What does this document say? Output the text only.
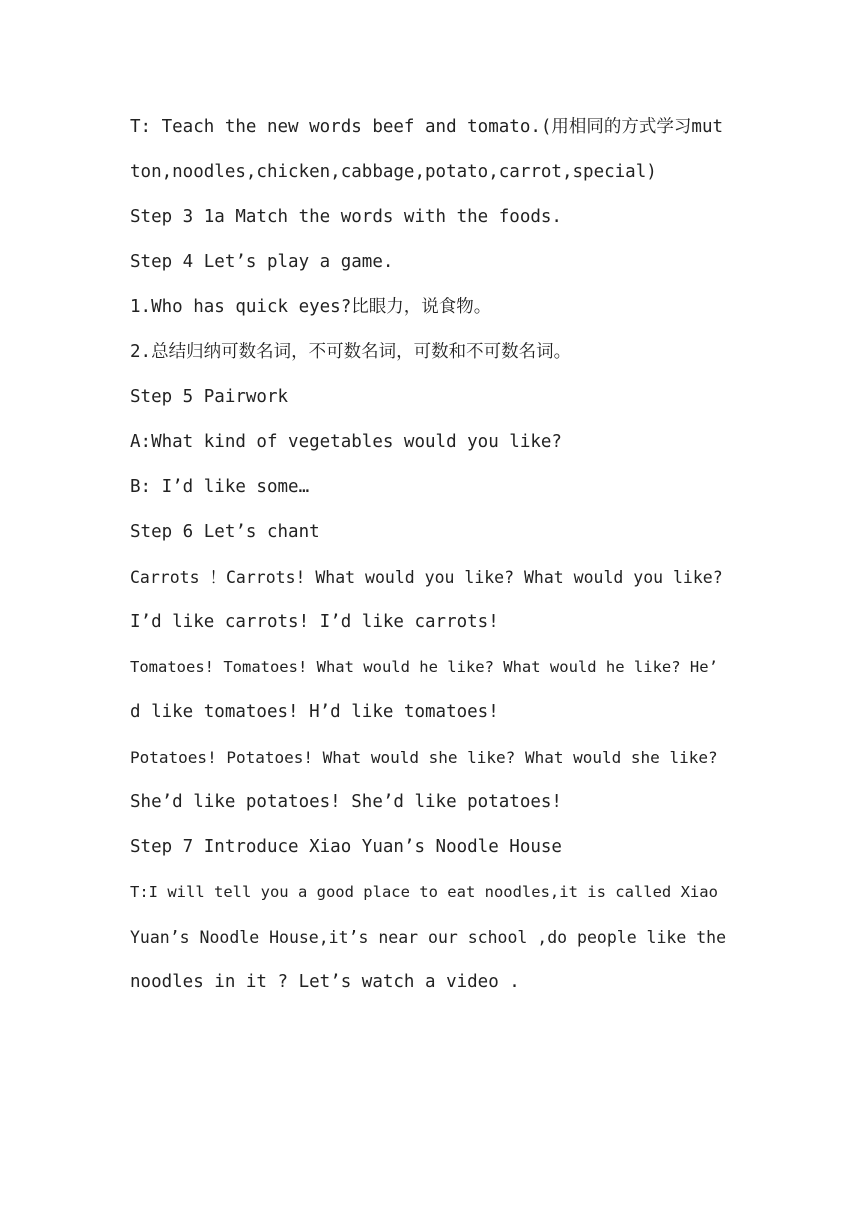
T: Teach the new words beef and tomato.(用相同的方式学习mut
ton,noodles,chicken,cabbage,potato,carrot,special)
Step 3 1a Match the words with the foods.
Step 4 Let’s play a game.
1.Who has quick eyes?比眼力，说食物。
2.总结归纳可数名词，不可数名词，可数和不可数名词。
Step 5 Pairwork
A:What kind of vegetables would you like?
B: I’d like some…
Step 6 Let’s chant
Carrots ！Carrots! What would you like? What would you like?
I’d like carrots! I’d like carrots!
Tomatoes! Tomatoes! What would he like? What would he like? He’
d like tomatoes! H’d like tomatoes!
Potatoes! Potatoes! What would she like? What would she like?
She’d like potatoes! She’d like potatoes!
Step 7 Introduce Xiao Yuan’s Noodle House
T:I will tell you a good place to eat noodles,it is called Xiao
Yuan’s Noodle House,it’s near our school ,do people like the
noodles in it ? Let’s watch a video .
